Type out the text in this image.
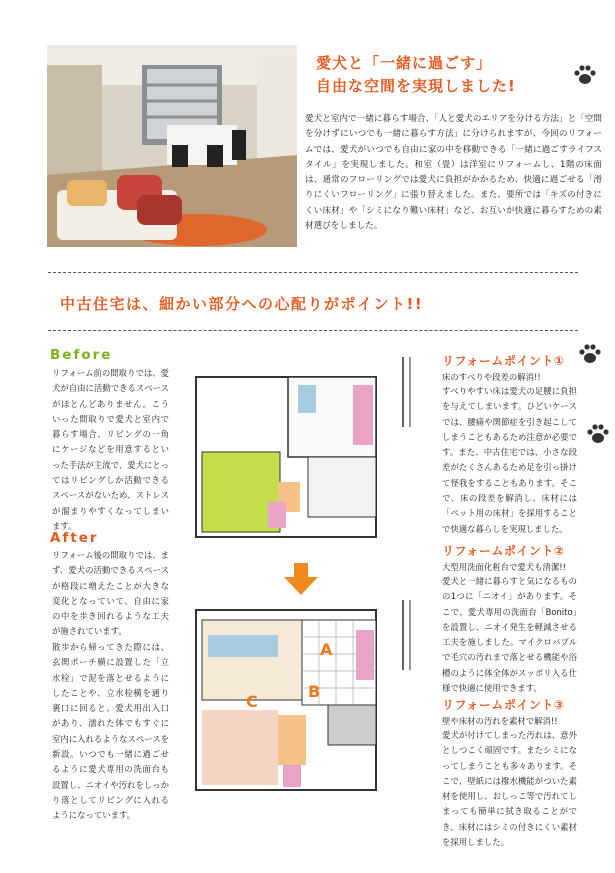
愛犬と「一緒に過ごす」
自由な空間を実現しました!
愛犬と室内で一緒に暮らす場合、「人と愛犬のエリアを分ける方法」と「空間を分けずにいつでも一緒に暮らす方法」に分けられますが、今回のリフォームでは、愛犬がいつでも自由に家の中を移動できる「一緒に過ごすライフスタイル」を実現しました。和室（畳）は洋室にリフォームし、1階の床面は、通常のフローリングでは愛犬に負担がかかるため、快適に過ごせる「滑りにくいフローリング」に張り替えました。また、要所では「キズの付きにくい床材」や「シミになり難い床材」など、お互いが快適に暮らすための素材選びをしました。
中古住宅は、細かい部分への心配りがポイント!!
Before
リフォーム前の間取りでは、愛犬が自由に活動できるスペースがほとんどありません。こういった間取りで愛犬と室内で暮らす場合、リビングの一角にケージなどを用意するといった手法が主流で、愛犬にとってはリビングしか活動できるスペースがないため、ストレスが溜まりやすくなってしまいます。
After
リフォーム後の間取りでは、まず、愛犬の活動できるスペースが格段に増えたことが大きな変化となっていて、自由に家の中を歩き回れるような工夫が施されています。
散歩から帰ってきた際には、玄関ポーチ横に設置した「立水栓」で泥を落とせるようにしたことや、立水栓横を通り裏口に回ると、愛犬用出入口があり、濡れた体でもすぐに室内に入れるようなスペースを新設。いつでも一緒に過ごせるように愛犬専用の洗面台も設置し、ニオイや汚れをしっかり落としてリビングに入れるようになっています。
A
B
C
リフォームポイント①
床のすべりや段差の解消!!
すべりやすい床は愛犬の足腰に負担を与えてしまいます。ひどいケースでは、腰痛や関節症を引き起こしてしまうこともあるため注意が必要です。また、中古住宅では、小さな段差がたくさんあるため足を引っ掛けて怪我をすることもあります。そこで、床の段差を解消し、床材には「ペット用の床材」を採用することで快適な暮らしを実現しました。
リフォームポイント②
大型用洗面化粧台で愛犬も清潔!!
愛犬と一緒に暮らすと気になるものの1つに「ニオイ」があります。そこで、愛犬専用の洗面台「Bonito」を設置し、ニオイ発生を軽減させる工夫を施しました。マイクロバブルで毛穴の汚れまで落とせる機能や浴槽のように体全体がスッポリ入る仕様で快適に使用できます。
リフォームポイント③
壁や床材の汚れを素材で解消!!
愛犬が付けてしまった汚れは、意外としつこく頑固です。またシミになってしまうことも多々あります。そこで、壁紙には撥水機能がついた素材を使用し、おしっこ等で汚れてしまっても簡単に拭き取ることができ、床材にはシミの付きにくい素材を採用しました。
